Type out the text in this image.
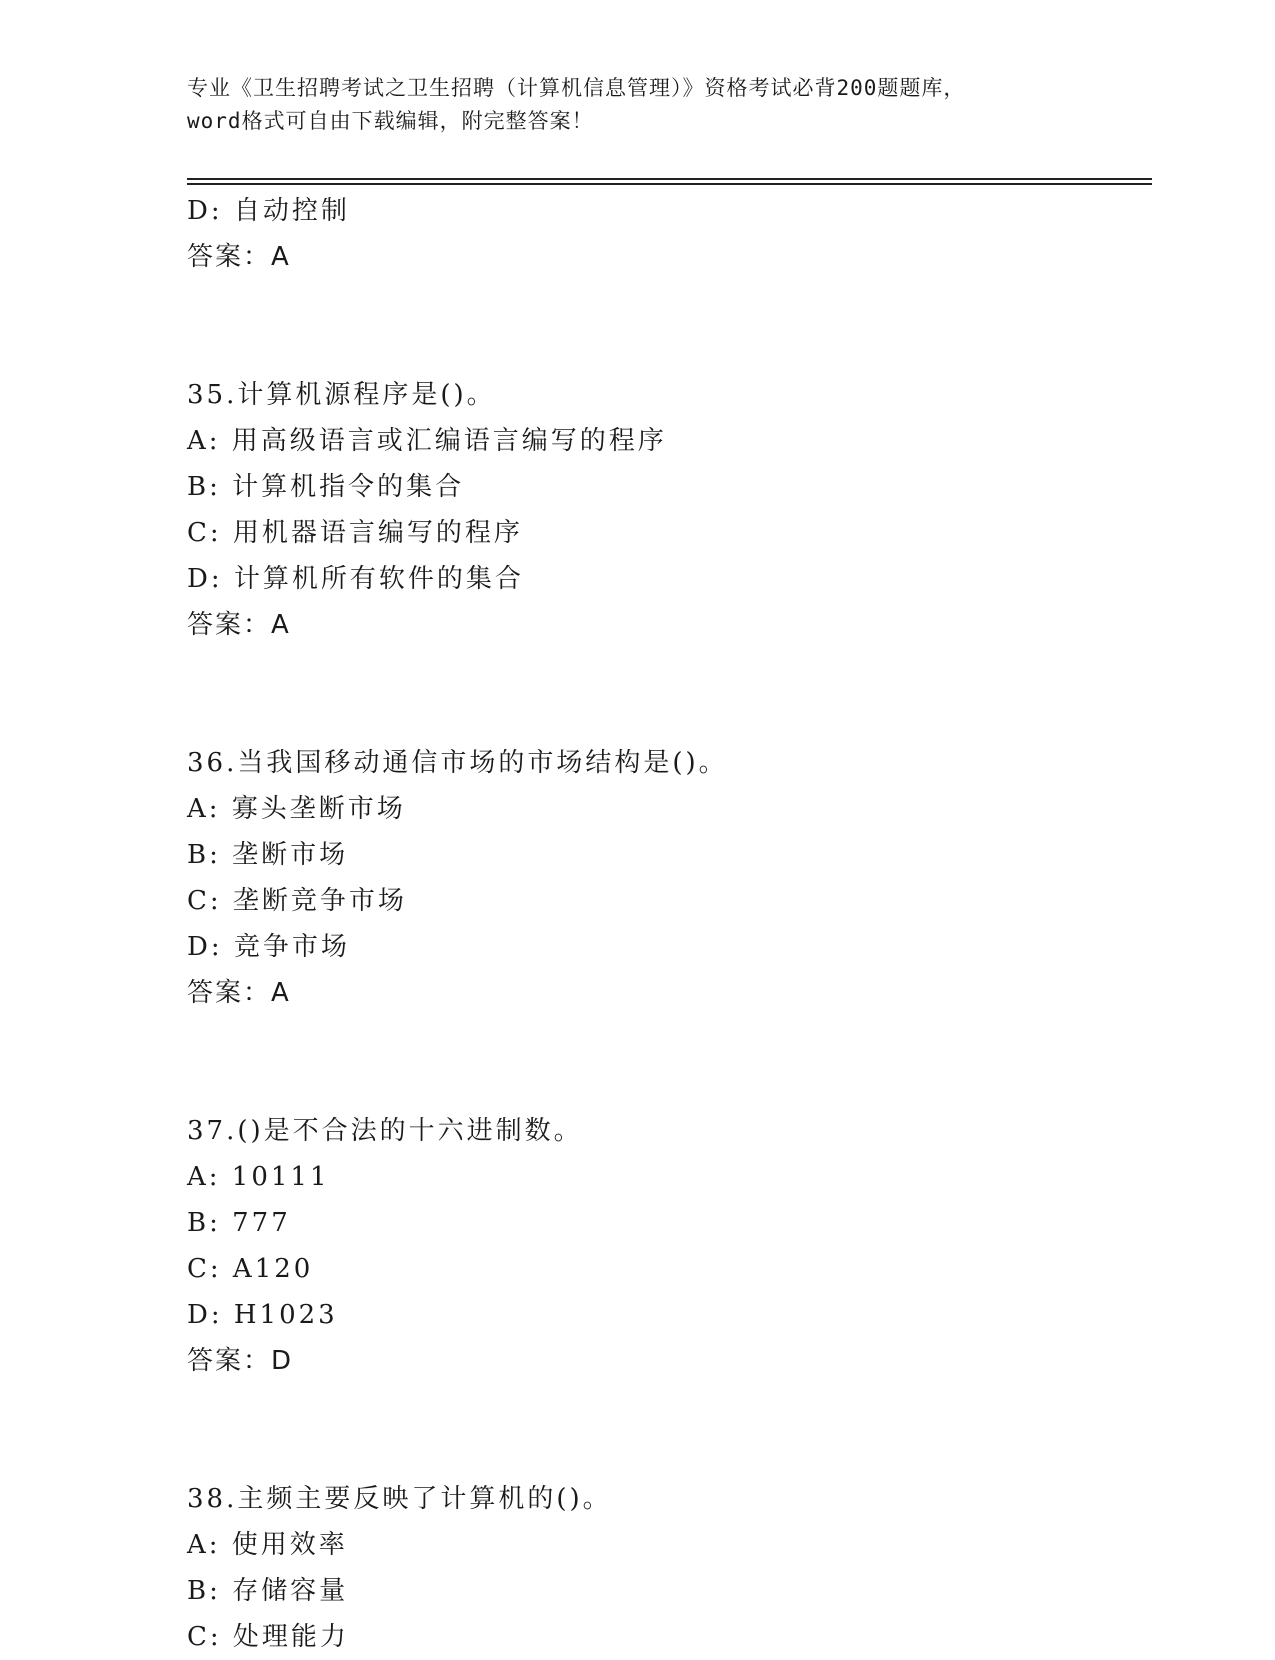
专业《卫生招聘考试之卫生招聘（计算机信息管理）》资格考试必背200题题库，
word格式可自由下载编辑，附完整答案！
D: 自动控制
答案：A
35.计算机源程序是()。
A: 用高级语言或汇编语言编写的程序
B: 计算机指令的集合
C: 用机器语言编写的程序
D: 计算机所有软件的集合
答案：A
36.当我国移动通信市场的市场结构是()。
A: 寡头垄断市场
B: 垄断市场
C: 垄断竞争市场
D: 竞争市场
答案：A
37.()是不合法的十六进制数。
A: 10111
B: 777
C: A120
D: H1023
答案：D
38.主频主要反映了计算机的()。
A: 使用效率
B: 存储容量
C: 处理能力
